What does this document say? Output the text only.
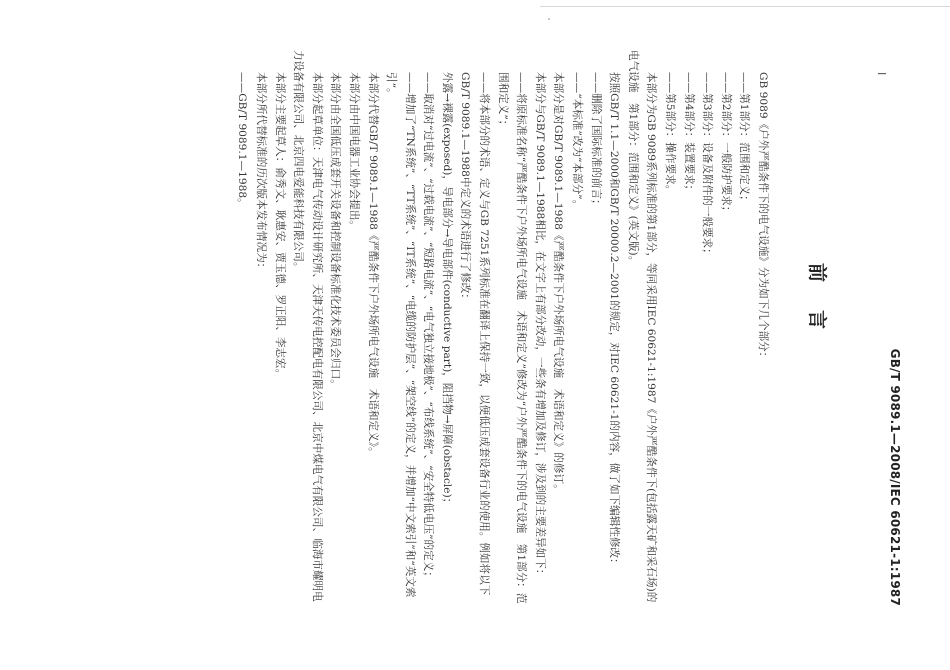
GB/T 9089.1—2008/IEC 60621-1:1987
I
前言

GB 9089《户外严酷条件下的电气设施》分为如下几个部分：

——第1部分：范围和定义；

——第2部分：一般防护要求；

——第3部分：设备及附件的一般要求；

——第4部分：装置要求；

——第5部分：操作要求。

本部分为GB 9089系列标准的第1部分，等同采用IEC 60621-1:1987《户外严酷条件下(包括露天矿和采石场)的电气设施　第1部分：范围和定义》(英文版)。

按照GB/T 1.1—2000和GB/T 20000.2—2001的规定，对IEC 60621-1的内容，做了如下编辑性修改：

——删除了国际标准的前言；

——“本标准”改为“本部分”。

本部分是对GB/T 9089.1—1988《严酷条件下户外场所电气设施　术语和定义》的修订。

本部分与GB/T 9089.1—1988相比，在文字上有部分改动，一些条有增加及修订，涉及到的主要差异如下：

——将原标准名称“严酷条件下户外场所电气设施　术语和定义”修改为“户外严酷条件下的电气设施　第1部分：范围和定义”；

——将本部分的术语、定义与GB 7251系列标准在翻译上保持一致，以便低压成套设备行业的使用。例如将以下GB/T 9089.1—1988中定义的术语进行了修改：

外露→裸露(exposed)，导电部分→导电部件(conductive part)，阻挡物→屏障(obstacle)；

——取消对“过电流”、“过载电流”、“短路电流”、“电气独立接地极”、“布线系统”、“安全特低电压”的定义；

——增加了“TN系统”、“TT系统”、“IT系统”、“电缆的防护层”、“架空线”的定义，并增加“中文索引”和“英文索引”。

本部分代替GB/T 9089.1—1988《严酷条件下户外场所电气设施　术语和定义》。

本部分由中国电器工业协会提出。

本部分由全国低压成套开关设备和控制设备标准化技术委员会归口。

本部分起草单位：天津电气传动设计研究所、天津天传电控配电有限公司、北京中煤电气有限公司、临海市耀明电力设备有限公司、北京四电爱能科技有限公司。

本部分主要起草人：俞秀文、耿惠安、贾玉德、罗正阳、李志宏。

本部分所代替标准的历次版本发布情况为：

——GB/T 9089.1—1988。
